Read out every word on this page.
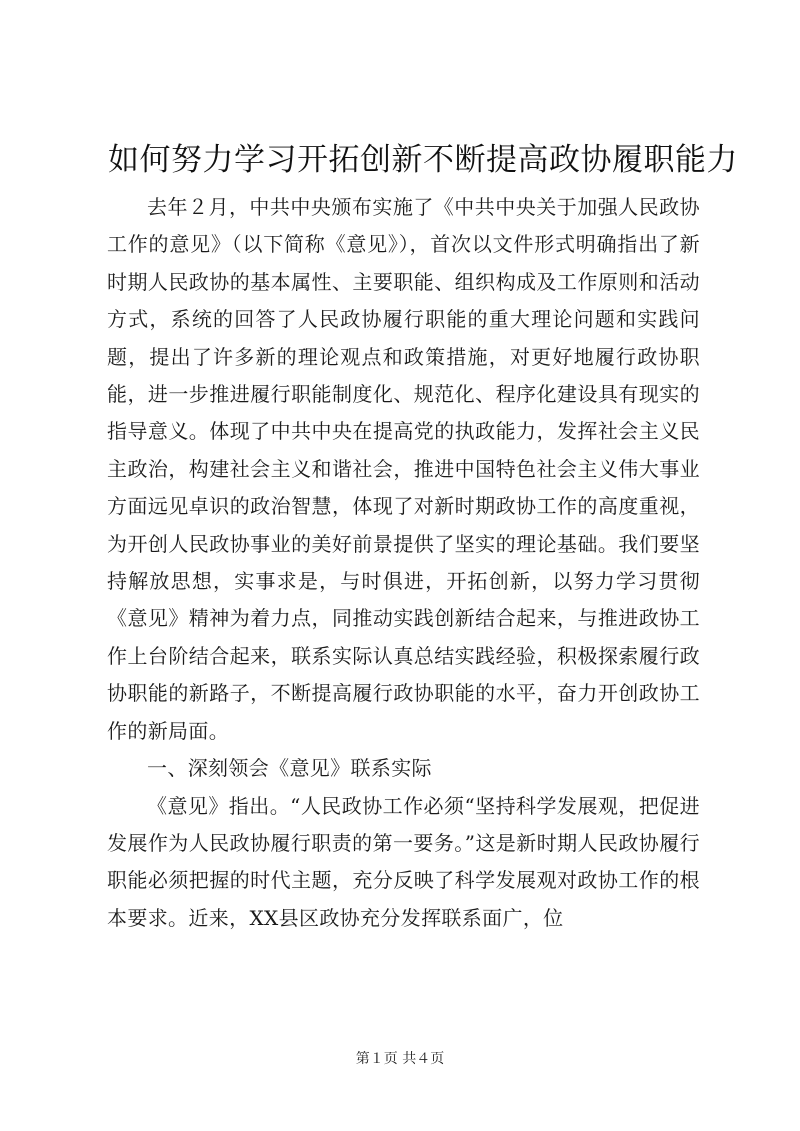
如何努力学习开拓创新不断提高政协履职能力

去年２月，中共中央颁布实施了《中共中央关于加强人民政协工作的意见》（以下简称《意见》），首次以文件形式明确指出了新时期人民政协的基本属性、主要职能、组织构成及工作原则和活动方式，系统的回答了人民政协履行职能的重大理论问题和实践问题，提出了许多新的理论观点和政策措施，对更好地履行政协职能，进一步推进履行职能制度化、规范化、程序化建设具有现实的指导意义。体现了中共中央在提高党的执政能力，发挥社会主义民主政治，构建社会主义和谐社会，推进中国特色社会主义伟大事业方面远见卓识的政治智慧，体现了对新时期政协工作的高度重视，为开创人民政协事业的美好前景提供了坚实的理论基础。我们要坚持解放思想，实事求是，与时俱进，开拓创新，以努力学习贯彻《意见》精神为着力点，同推动实践创新结合起来，与推进政协工作上台阶结合起来，联系实际认真总结实践经验，积极探索履行政协职能的新路子，不断提高履行政协职能的水平，奋力开创政协工作的新局面。

一、深刻领会《意见》联系实际

《意见》指出。“人民政协工作必须“坚持科学发展观，把促进发展作为人民政协履行职责的第一要务。”这是新时期人民政协履行职能必须把握的时代主题，充分反映了科学发展观对政协工作的根本要求。近来，XX县区政协充分发挥联系面广，位

第１页 共４页
